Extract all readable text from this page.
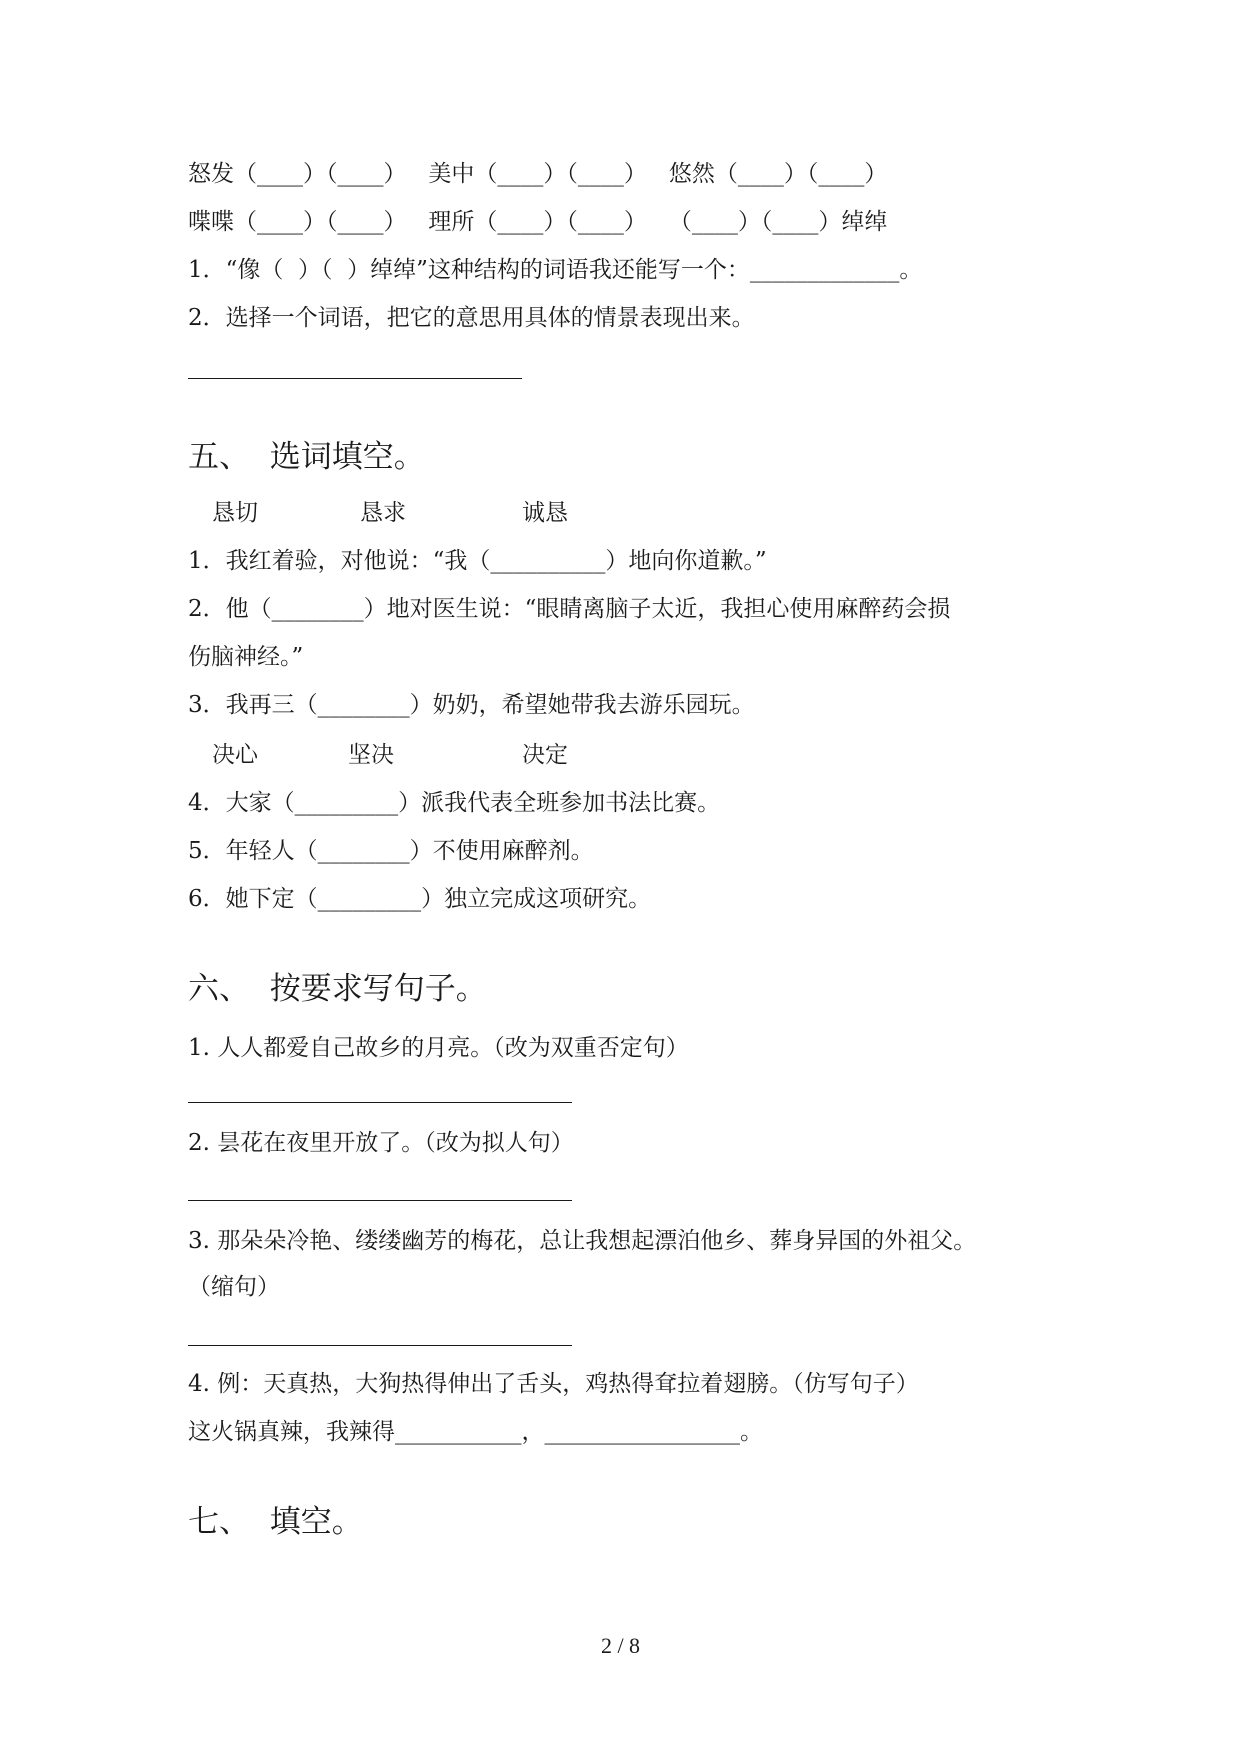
怒发（____）（____）   美中（____）（____）   悠然（____）（____）
喋喋（____）（____）   理所（____）（____）   （____）（____）绰绰
1．“像（  ）（  ）绰绰”这种结构的词语我还能写一个：_____________。
2．选择一个词语，把它的意思用具体的情景表现出来。
五、  选词填空。
恳切	恳求	诚恳
1．我红着验，对他说：“我（__________）地向你道歉。”
2．他（________）地对医生说：“眼睛离脑子太近，我担心使用麻醉药会损
伤脑神经。”
3．我再三（________）奶奶，希望她带我去游乐园玩。
决心	坚决	决定
4．大家（_________）派我代表全班参加书法比赛。
5．年轻人（________）不使用麻醉剂。
6．她下定（_________）独立完成这项研究。
六、  按要求写句子。
1. 人人都爱自己故乡的月亮。（改为双重否定句）
2. 昙花在夜里开放了。（改为拟人句）
3. 那朵朵冷艳、缕缕幽芳的梅花，总让我想起漂泊他乡、葬身异国的外祖父。
（缩句）
4. 例：天真热，大狗热得伸出了舌头，鸡热得耷拉着翅膀。（仿写句子）
这火锅真辣，我辣得___________，_________________。
七、  填空。
2 / 8
